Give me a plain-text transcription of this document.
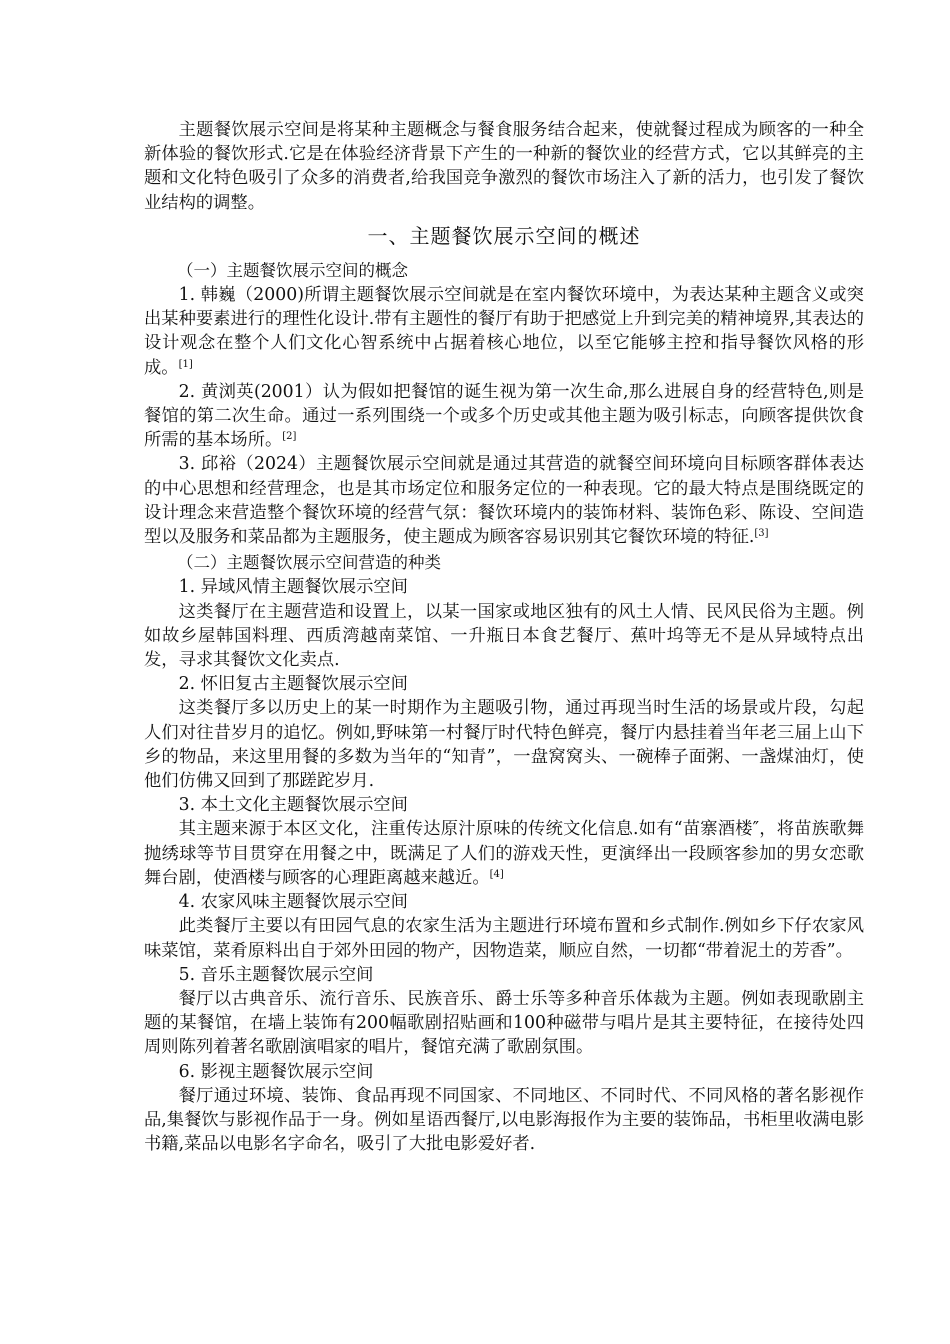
主题餐饮展示空间是将某种主题概念与餐食服务结合起来，使就餐过程成为顾客的一种全新体验的餐饮形式.它是在体验经济背景下产生的一种新的餐饮业的经营方式，它以其鲜亮的主题和文化特色吸引了众多的消费者,给我国竞争激烈的餐饮市场注入了新的活力，也引发了餐饮业结构的调整。

一、主题餐饮展示空间的概述

（一）主题餐饮展示空间的概念

1. 韩巍（2000)所谓主题餐饮展示空间就是在室内餐饮环境中，为表达某种主题含义或突出某种要素进行的理性化设计.带有主题性的餐厅有助于把感觉上升到完美的精神境界,其表达的设计观念在整个人们文化心智系统中占据着核心地位，以至它能够主控和指导餐饮风格的形成。[1]

2. 黄浏英(2001）认为假如把餐馆的诞生视为第一次生命,那么进展自身的经营特色,则是餐馆的第二次生命。通过一系列围绕一个或多个历史或其他主题为吸引标志，向顾客提供饮食所需的基本场所。[2]

3. 邱裕（2024）主题餐饮展示空间就是通过其营造的就餐空间环境向目标顾客群体表达的中心思想和经营理念，也是其市场定位和服务定位的一种表现。它的最大特点是围绕既定的设计理念来营造整个餐饮环境的经营气氛：餐饮环境内的装饰材料、装饰色彩、陈设、空间造型以及服务和菜品都为主题服务，使主题成为顾客容易识别其它餐饮环境的特征.[3]

（二）主题餐饮展示空间营造的种类

1. 异域风情主题餐饮展示空间

这类餐厅在主题营造和设置上，以某一国家或地区独有的风土人情、民风民俗为主题。例如故乡屋韩国料理、西质湾越南菜馆、一升瓶日本食艺餐厅、蕉叶坞等无不是从异域特点出发，寻求其餐饮文化卖点.

2. 怀旧复古主题餐饮展示空间

这类餐厅多以历史上的某一时期作为主题吸引物，通过再现当时生活的场景或片段，勾起人们对往昔岁月的追忆。例如,野味第一村餐厅时代特色鲜亮，餐厅内悬挂着当年老三届上山下乡的物品，来这里用餐的多数为当年的“知青”，一盘窝窝头、一碗棒子面粥、一盏煤油灯，使他们仿佛又回到了那蹉跎岁月.

3. 本土文化主题餐饮展示空间

其主题来源于本区文化，注重传达原汁原味的传统文化信息.如有“苗寨酒楼″，将苗族歌舞抛绣球等节目贯穿在用餐之中，既满足了人们的游戏天性，更演绎出一段顾客参加的男女恋歌舞台剧，使酒楼与顾客的心理距离越来越近。[4]

4. 农家风味主题餐饮展示空间

此类餐厅主要以有田园气息的农家生活为主题进行环境布置和乡式制作.例如乡下仔农家风味菜馆，菜肴原料出自于郊外田园的物产，因物造菜，顺应自然，一切都“带着泥土的芳香”。

5. 音乐主题餐饮展示空间

餐厅以古典音乐、流行音乐、民族音乐、爵士乐等多种音乐体裁为主题。例如表现歌剧主题的某餐馆，在墙上装饰有200幅歌剧招贴画和100种磁带与唱片是其主要特征，在接待处四周则陈列着著名歌剧演唱家的唱片，餐馆充满了歌剧氛围。

6. 影视主题餐饮展示空间

餐厅通过环境、装饰、食品再现不同国家、不同地区、不同时代、不同风格的著名影视作品,集餐饮与影视作品于一身。例如星语西餐厅,以电影海报作为主要的装饰品，书柜里收满电影书籍,菜品以电影名字命名，吸引了大批电影爱好者.
